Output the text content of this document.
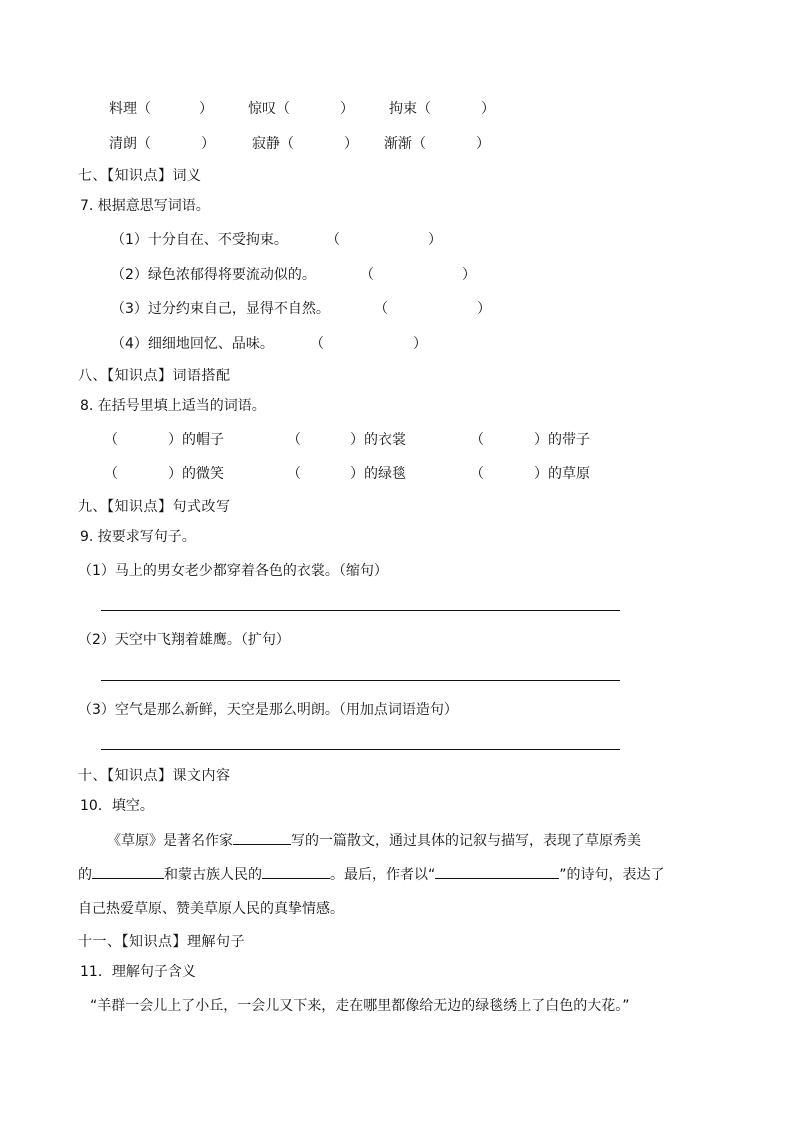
料理（	）	惊叹（	）	拘束（	）
清朗（	）	寂静（	） 渐渐（	）
七、【知识点】词义
7. 根据意思写词语。
（1）十分自在、不受拘束。	（	）
（2）绿色浓郁得将要流动似的。	（	）
（3）过分约束自己，显得不自然。	（	）
（4）细细地回忆、品味。	（	）
八、【知识点】词语搭配
8. 在括号里填上适当的词语。
（	）的帽子	（	）的衣裳	（	）的带子
（	）的微笑	（	）的绿毯	（	）的草原
九、【知识点】句式改写
9. 按要求写句子。
（1）马上的男女老少都穿着各色的衣裳。（缩句）
（2）天空中飞翔着雄鹰。（扩句）
（3）空气是那么新鲜，天空是那么明朗。（用加点词语造句）
十、【知识点】课文内容
10．填空。
《草原》是著名作家	写的一篇散文，通过具体的记叙与描写，表现了草原秀美
的	和蒙古族人民的	。最后，作者以“	”的诗句，表达了
自己热爱草原、赞美草原人民的真挚情感。
十一、【知识点】理解句子
11．理解句子含义
“羊群一会儿上了小丘，一会儿又下来，走在哪里都像给无边的绿毯绣上了白色的大花。”
